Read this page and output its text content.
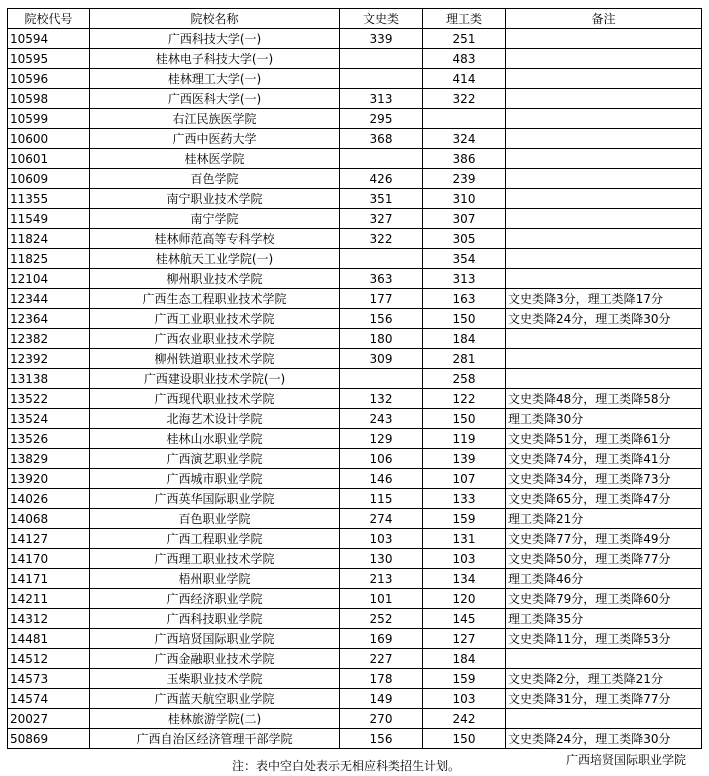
院校代号	院校名称	文史类	理工类	备注
10594	广西科技大学(一)	339	251	
10595	桂林电子科技大学(一)		483	
10596	桂林理工大学(一)		414	
10598	广西医科大学(一)	313	322	
10599	右江民族医学院	295		
10600	广西中医药大学	368	324	
10601	桂林医学院		386	
10609	百色学院	426	239	
11355	南宁职业技术学院	351	310	
11549	南宁学院	327	307	
11824	桂林师范高等专科学校	322	305	
11825	桂林航天工业学院(一)		354	
12104	柳州职业技术学院	363	313	
12344	广西生态工程职业技术学院	177	163	文史类降3分，理工类降17分
12364	广西工业职业技术学院	156	150	文史类降24分，理工类降30分
12382	广西农业职业技术学院	180	184	
12392	柳州铁道职业技术学院	309	281	
13138	广西建设职业技术学院(一)		258	
13522	广西现代职业技术学院	132	122	文史类降48分，理工类降58分
13524	北海艺术设计学院	243	150	理工类降30分
13526	桂林山水职业学院	129	119	文史类降51分，理工类降61分
13829	广西演艺职业学院	106	139	文史类降74分，理工类降41分
13920	广西城市职业学院	146	107	文史类降34分，理工类降73分
14026	广西英华国际职业学院	115	133	文史类降65分，理工类降47分
14068	百色职业学院	274	159	理工类降21分
14127	广西工程职业学院	103	131	文史类降77分，理工类降49分
14170	广西理工职业技术学院	130	103	文史类降50分，理工类降77分
14171	梧州职业学院	213	134	理工类降46分
14211	广西经济职业学院	101	120	文史类降79分，理工类降60分
14312	广西科技职业学院	252	145	理工类降35分
14481	广西培贤国际职业学院	169	127	文史类降11分，理工类降53分
14512	广西金融职业技术学院	227	184	
14573	玉柴职业技术学院	178	159	文史类降2分，理工类降21分
14574	广西蓝天航空职业学院	149	103	文史类降31分，理工类降77分
20027	桂林旅游学院(二)	270	242	
50869	广西自治区经济管理干部学院	156	150	文史类降24分，理工类降30分
注：表中空白处表示无相应科类招生计划。	广西培贤国际职业学院
